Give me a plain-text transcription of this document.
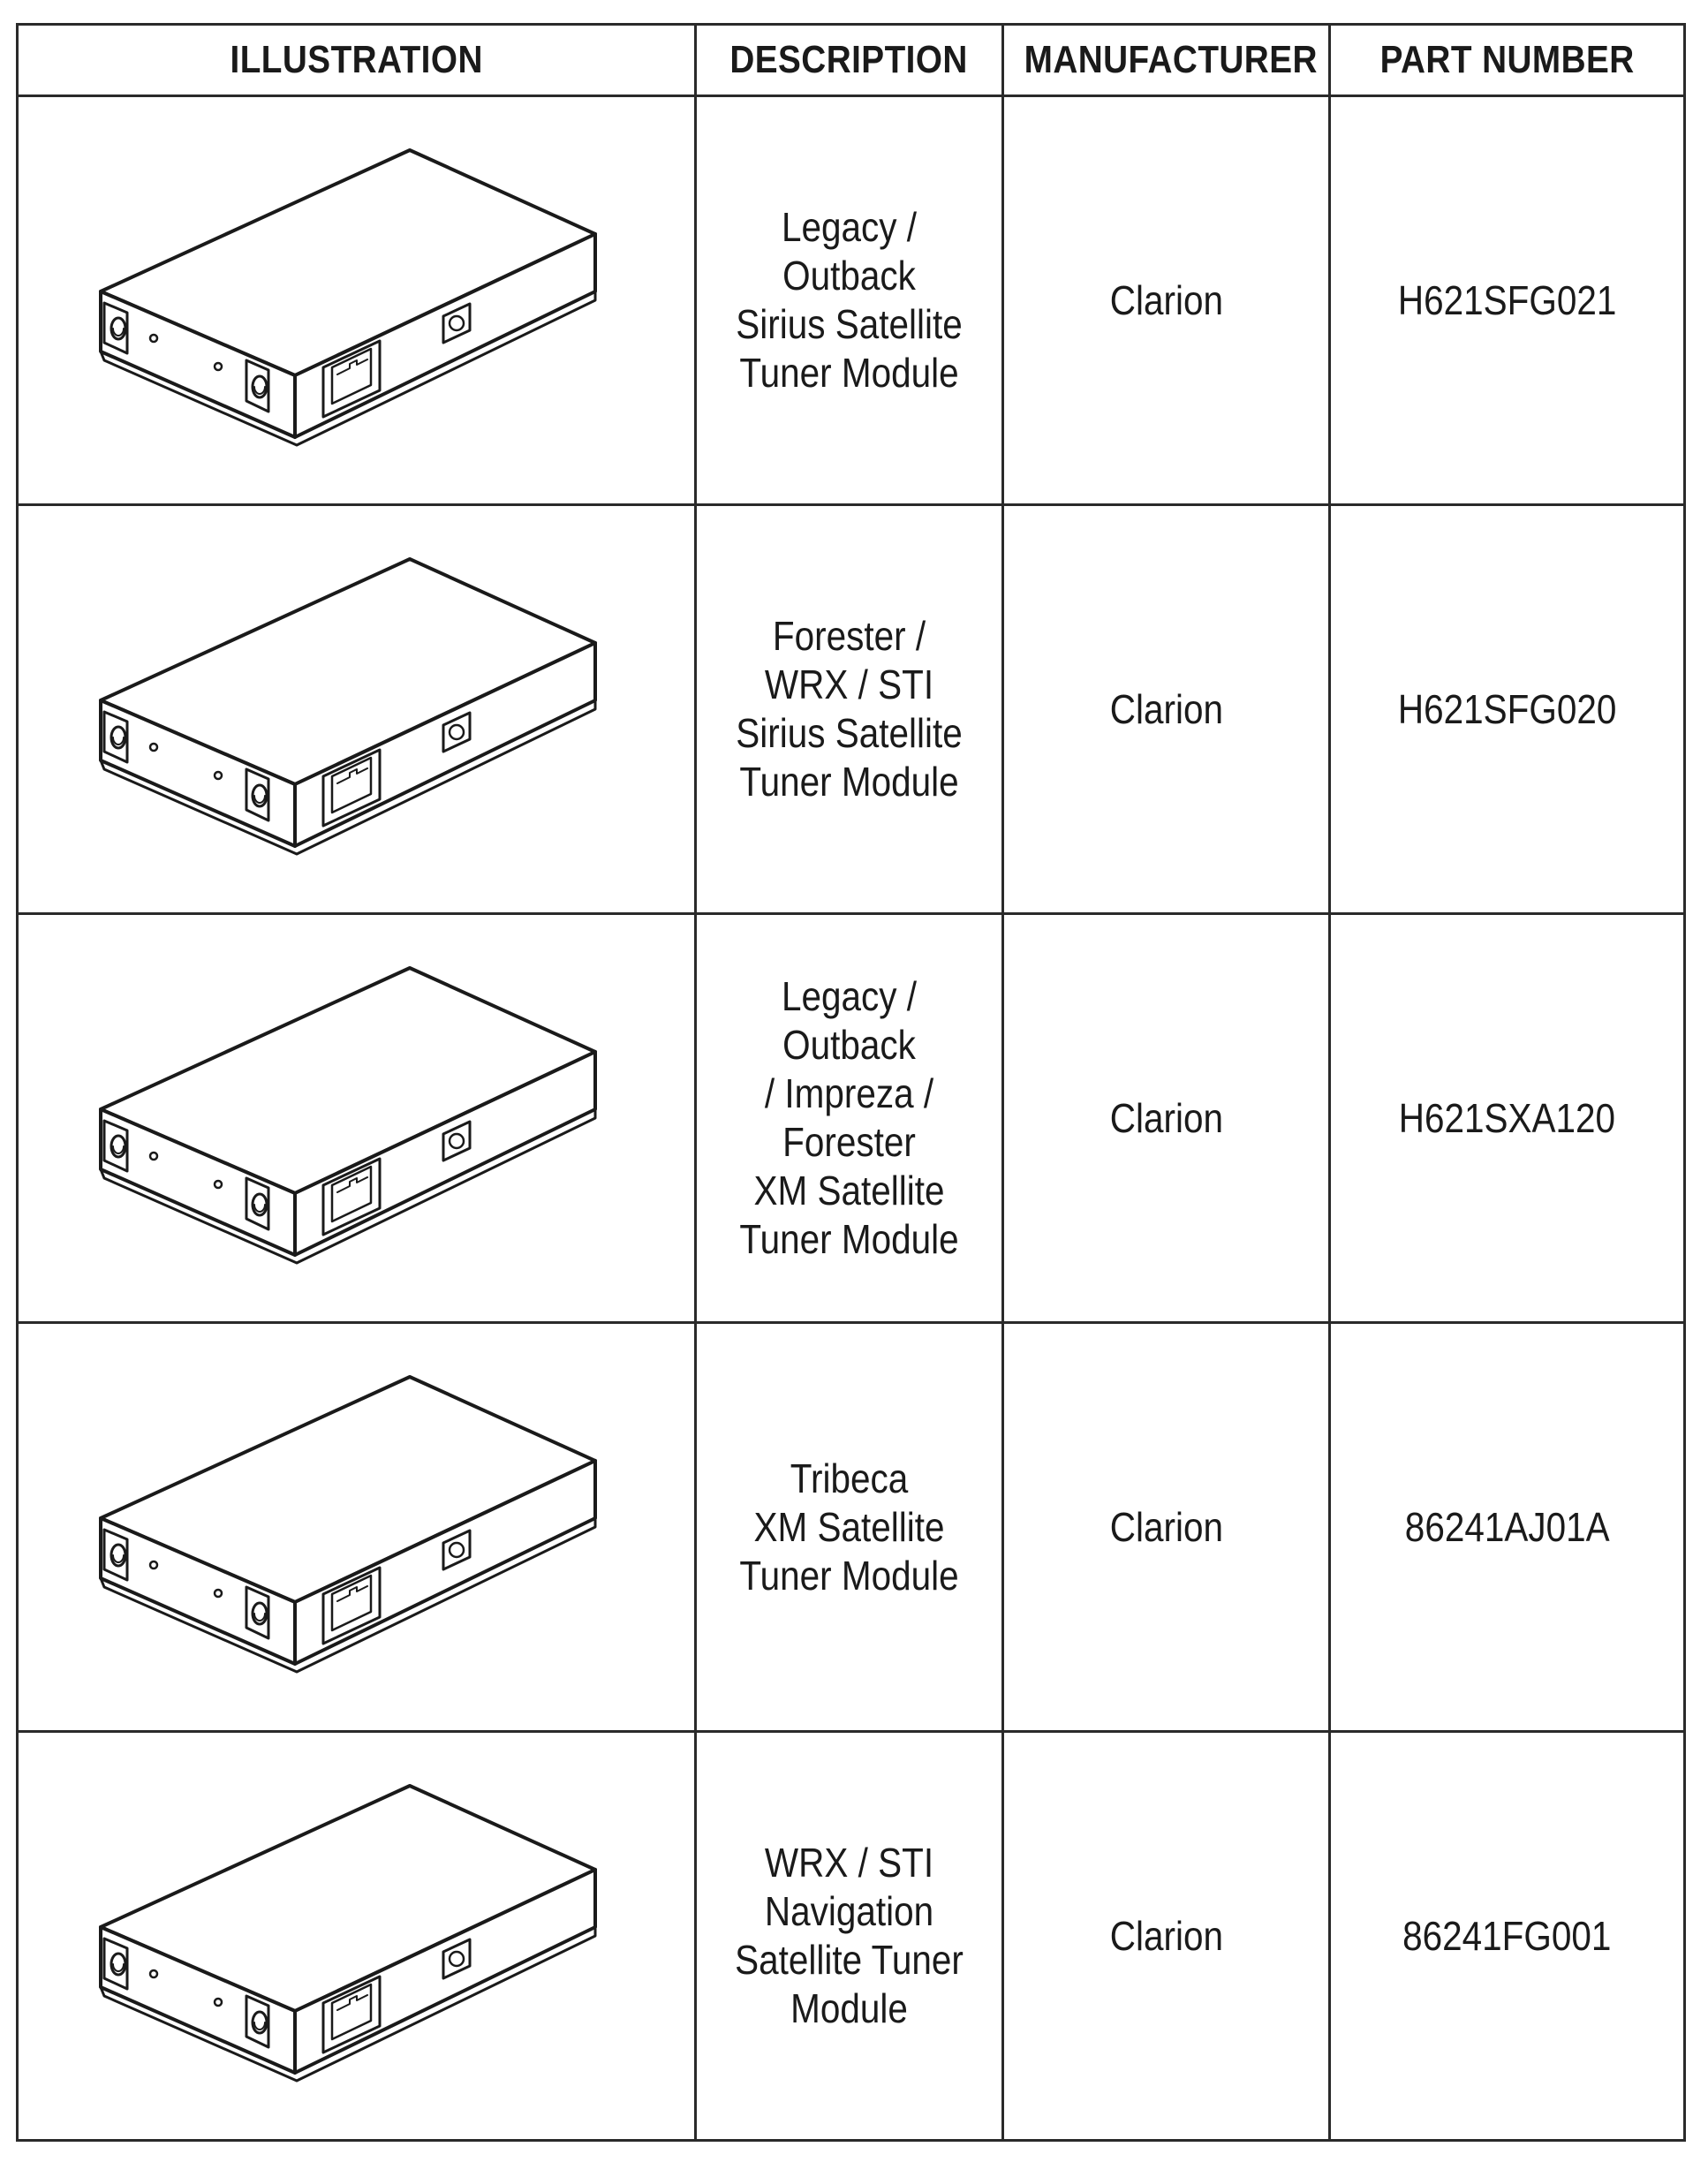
ILLUSTRATION	DESCRIPTION	MANUFACTURER	PART NUMBER

Legacy / Outback
Sirius Satellite
Tuner Module	Clarion	H621SFG021

Forester /
WRX / STI
Sirius Satellite
Tuner Module	Clarion	H621SFG020

Legacy / Outback
/ Impreza /
Forester
XM Satellite
Tuner Module	Clarion	H621SXA120

Tribeca
XM Satellite
Tuner Module	Clarion	86241AJ01A

WRX / STI
Navigation
Satellite Tuner
Module	Clarion	86241FG001
